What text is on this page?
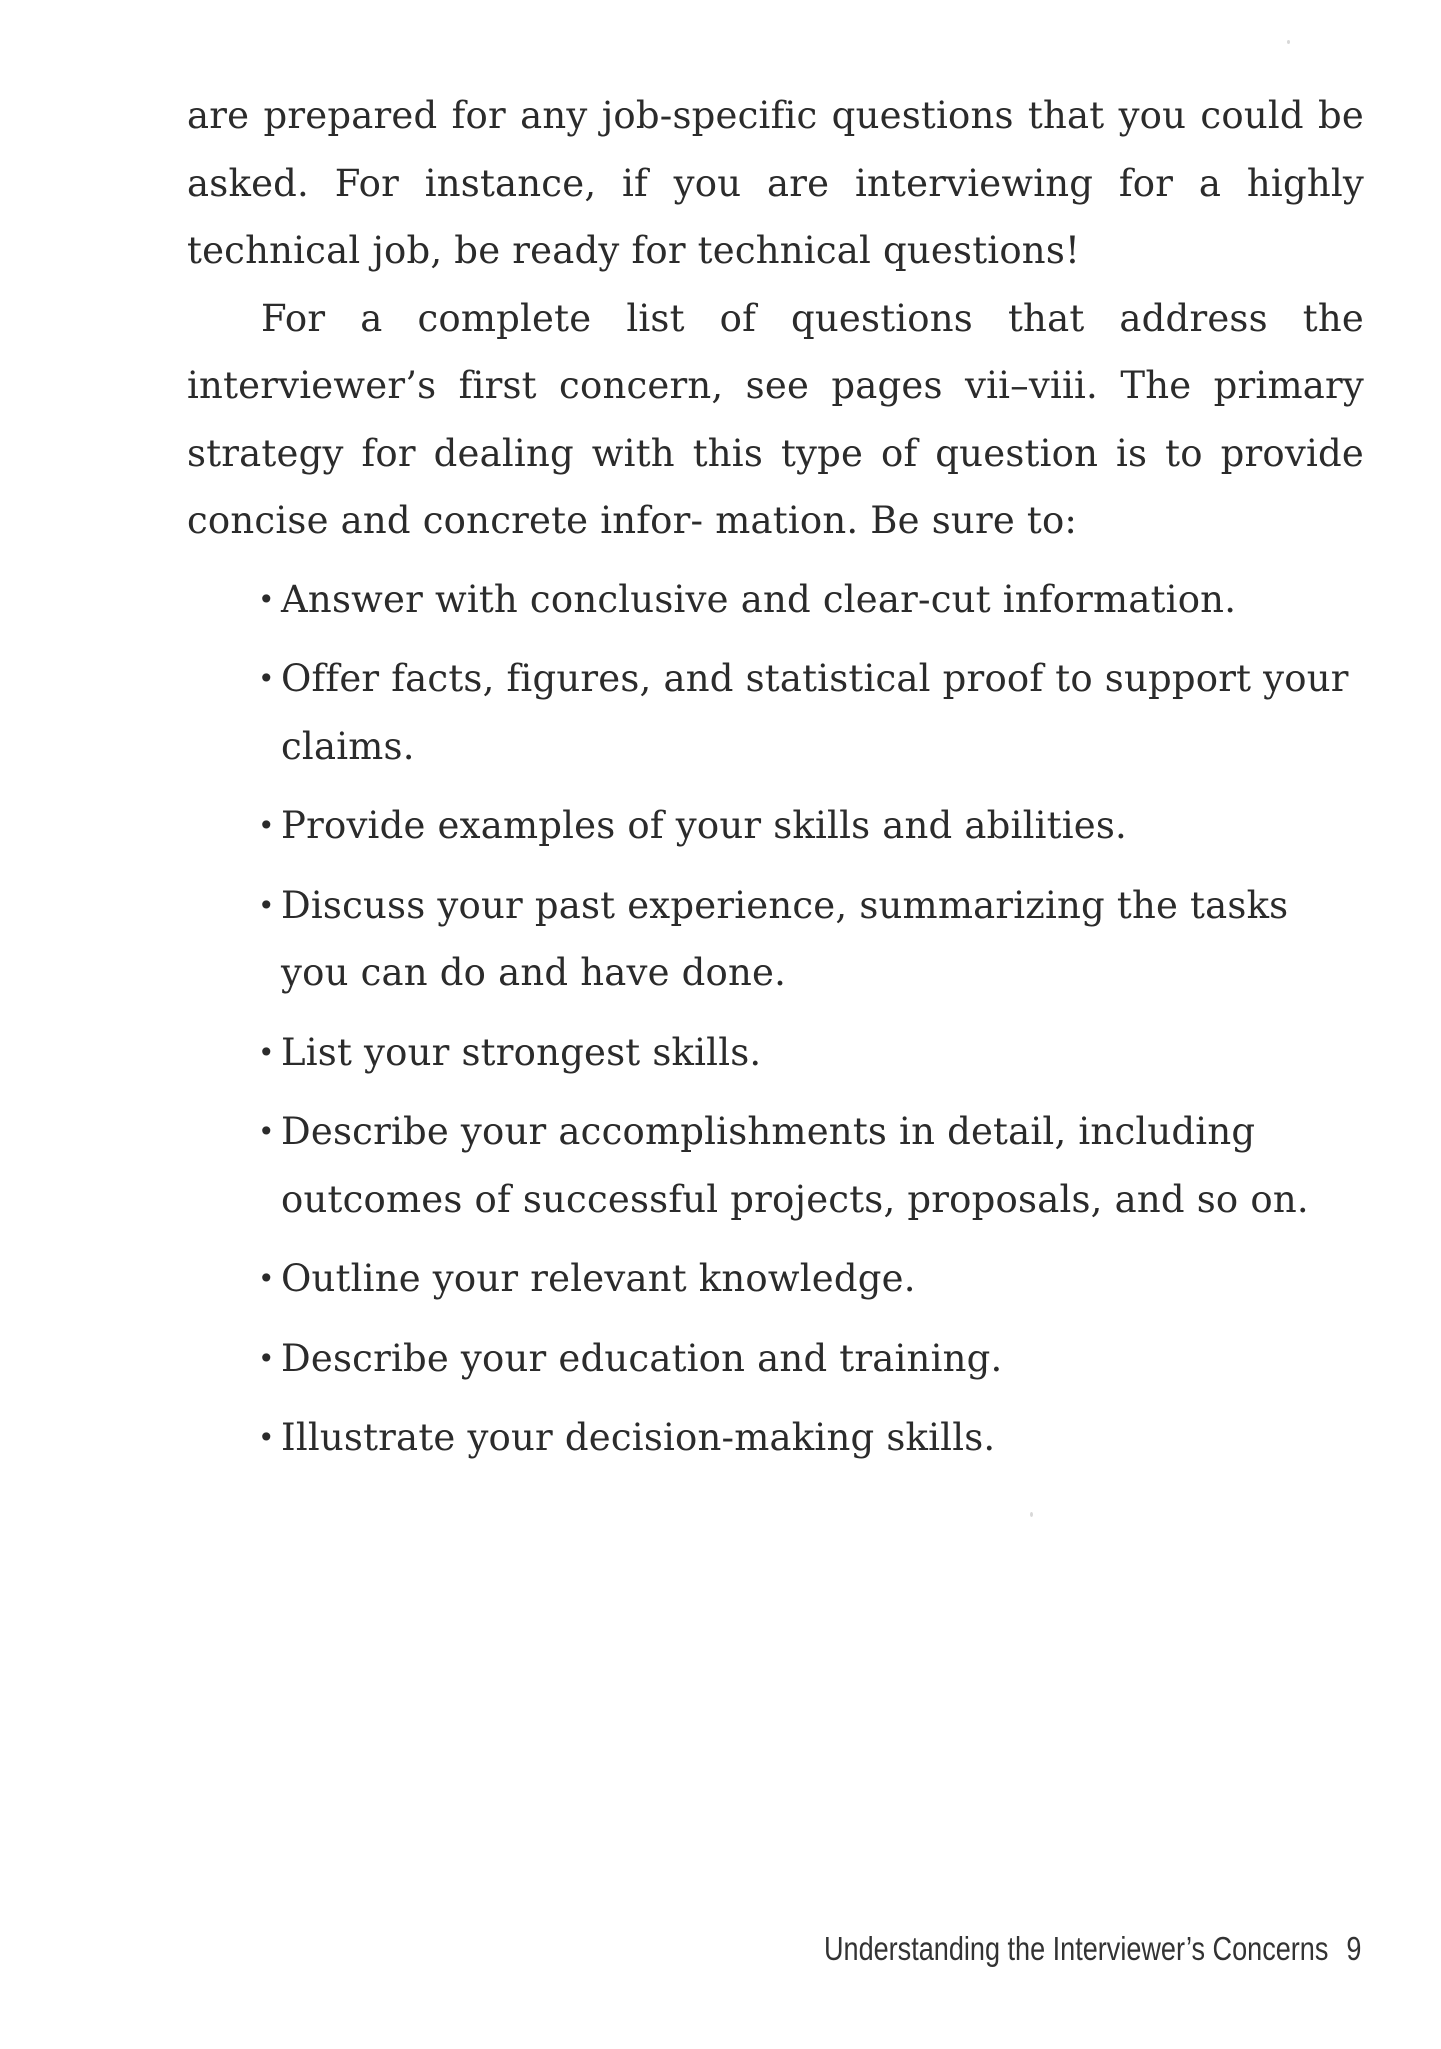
are prepared for any job-specific questions that you could be asked. For instance, if you are interviewing for a highly technical job, be ready for technical questions!

For a complete list of questions that address the interviewer’s first concern, see pages vii–viii. The primary strategy for dealing with this type of question is to provide concise and concrete infor- mation. Be sure to:

• Answer with conclusive and clear-cut information.
• Offer facts, figures, and statistical proof to support your claims.
• Provide examples of your skills and abilities.
• Discuss your past experience, summarizing the tasks you can do and have done.
• List your strongest skills.
• Describe your accomplishments in detail, including outcomes of successful projects, proposals, and so on.
• Outline your relevant knowledge.
• Describe your education and training.
• Illustrate your decision-making skills.
Understanding the Interviewer’s Concerns 9
